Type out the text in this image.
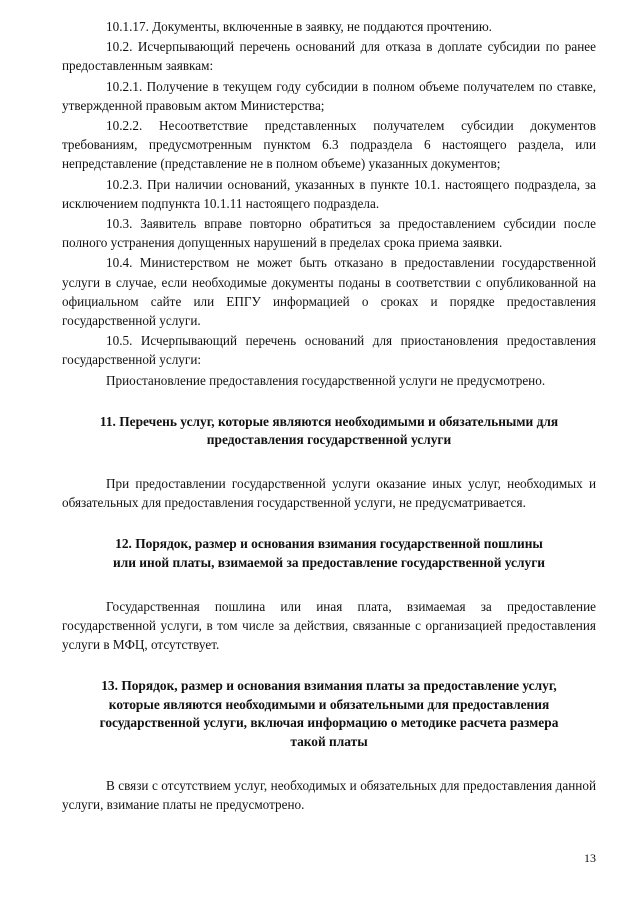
10.1.17. Документы, включенные в заявку, не поддаются прочтению.

10.2. Исчерпывающий перечень оснований для отказа в доплате субсидии по ранее предоставленным заявкам:

10.2.1. Получение в текущем году субсидии в полном объеме получателем по ставке, утвержденной правовым актом Министерства;

10.2.2. Несоответствие представленных получателем субсидии документов требованиям, предусмотренным пунктом 6.3 подраздела 6 настоящего раздела, или непредставление (представление не в полном объеме) указанных документов;

10.2.3. При наличии оснований, указанных в пункте 10.1. настоящего подраздела, за исключением подпункта 10.1.11 настоящего подраздела.

10.3. Заявитель вправе повторно обратиться за предоставлением субсидии после полного устранения допущенных нарушений в пределах срока приема заявки.

10.4. Министерством не может быть отказано в предоставлении государственной услуги в случае, если необходимые документы поданы в соответствии с опубликованной на официальном сайте или ЕПГУ информацией о сроках и порядке предоставления государственной услуги.

10.5. Исчерпывающий перечень оснований для приостановления предоставления государственной услуги:

Приостановление предоставления государственной услуги не предусмотрено.

11. Перечень услуг, которые являются необходимыми и обязательными для
предоставления государственной услуги

При предоставлении государственной услуги оказание иных услуг, необходимых и обязательных для предоставления государственной услуги, не предусматривается.

12. Порядок, размер и основания взимания государственной пошлины
или иной платы, взимаемой за предоставление государственной услуги

Государственная пошлина или иная плата, взимаемая за предоставление государственной услуги, в том числе за действия, связанные с организацией предоставления услуги в МФЦ, отсутствует.

13. Порядок, размер и основания взимания платы за предоставление услуг,
которые являются необходимыми и обязательными для предоставления
государственной услуги, включая информацию о методике расчета размера
такой платы

В связи с отсутствием услуг, необходимых и обязательных для предоставления данной услуги, взимание платы не предусмотрено.

13
